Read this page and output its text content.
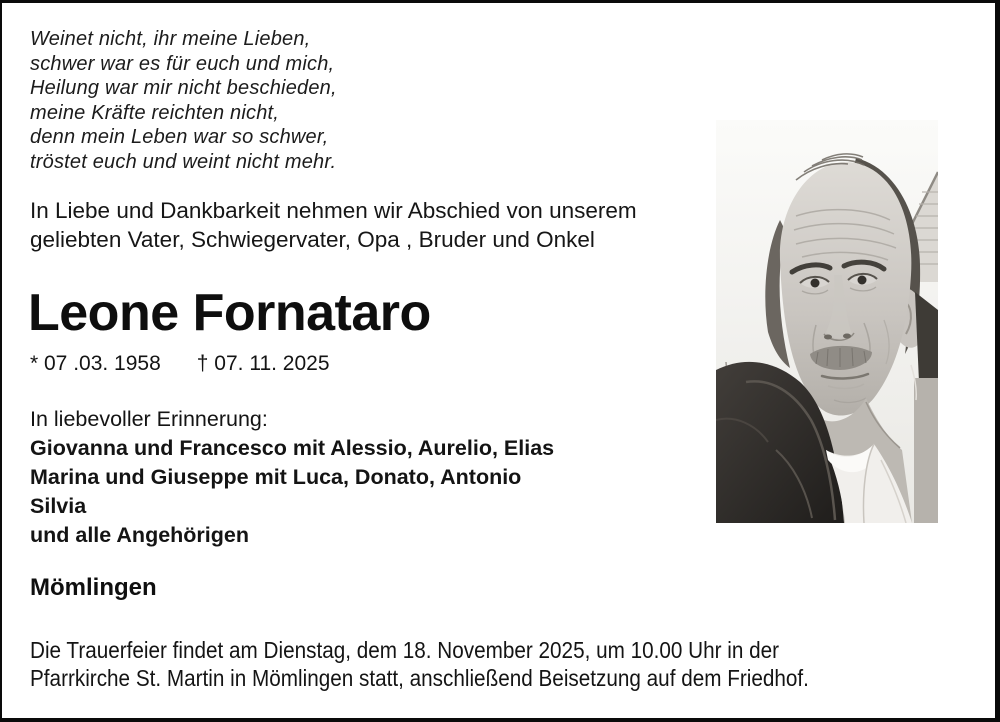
Weinet nicht, ihr meine Lieben,
schwer war es für euch und mich,
Heilung war mir nicht beschieden,
meine Kräfte reichten nicht,
denn mein Leben war so schwer,
tröstet euch und weint nicht mehr.
In Liebe und Dankbarkeit nehmen wir Abschied von unserem
geliebten Vater, Schwiegervater, Opa , Bruder und Onkel
Leone Fornataro
* 07 .03. 1958 † 07. 11. 2025
In liebevoller Erinnerung:
Giovanna und Francesco mit Alessio, Aurelio, Elias
Marina und Giuseppe mit Luca, Donato, Antonio
Silvia
und alle Angehörigen
Mömlingen
Die Trauerfeier findet am Dienstag, dem 18. November 2025, um 10.00 Uhr in der
Pfarrkirche St. Martin in Mömlingen statt, anschließend Beisetzung auf dem Friedhof.
